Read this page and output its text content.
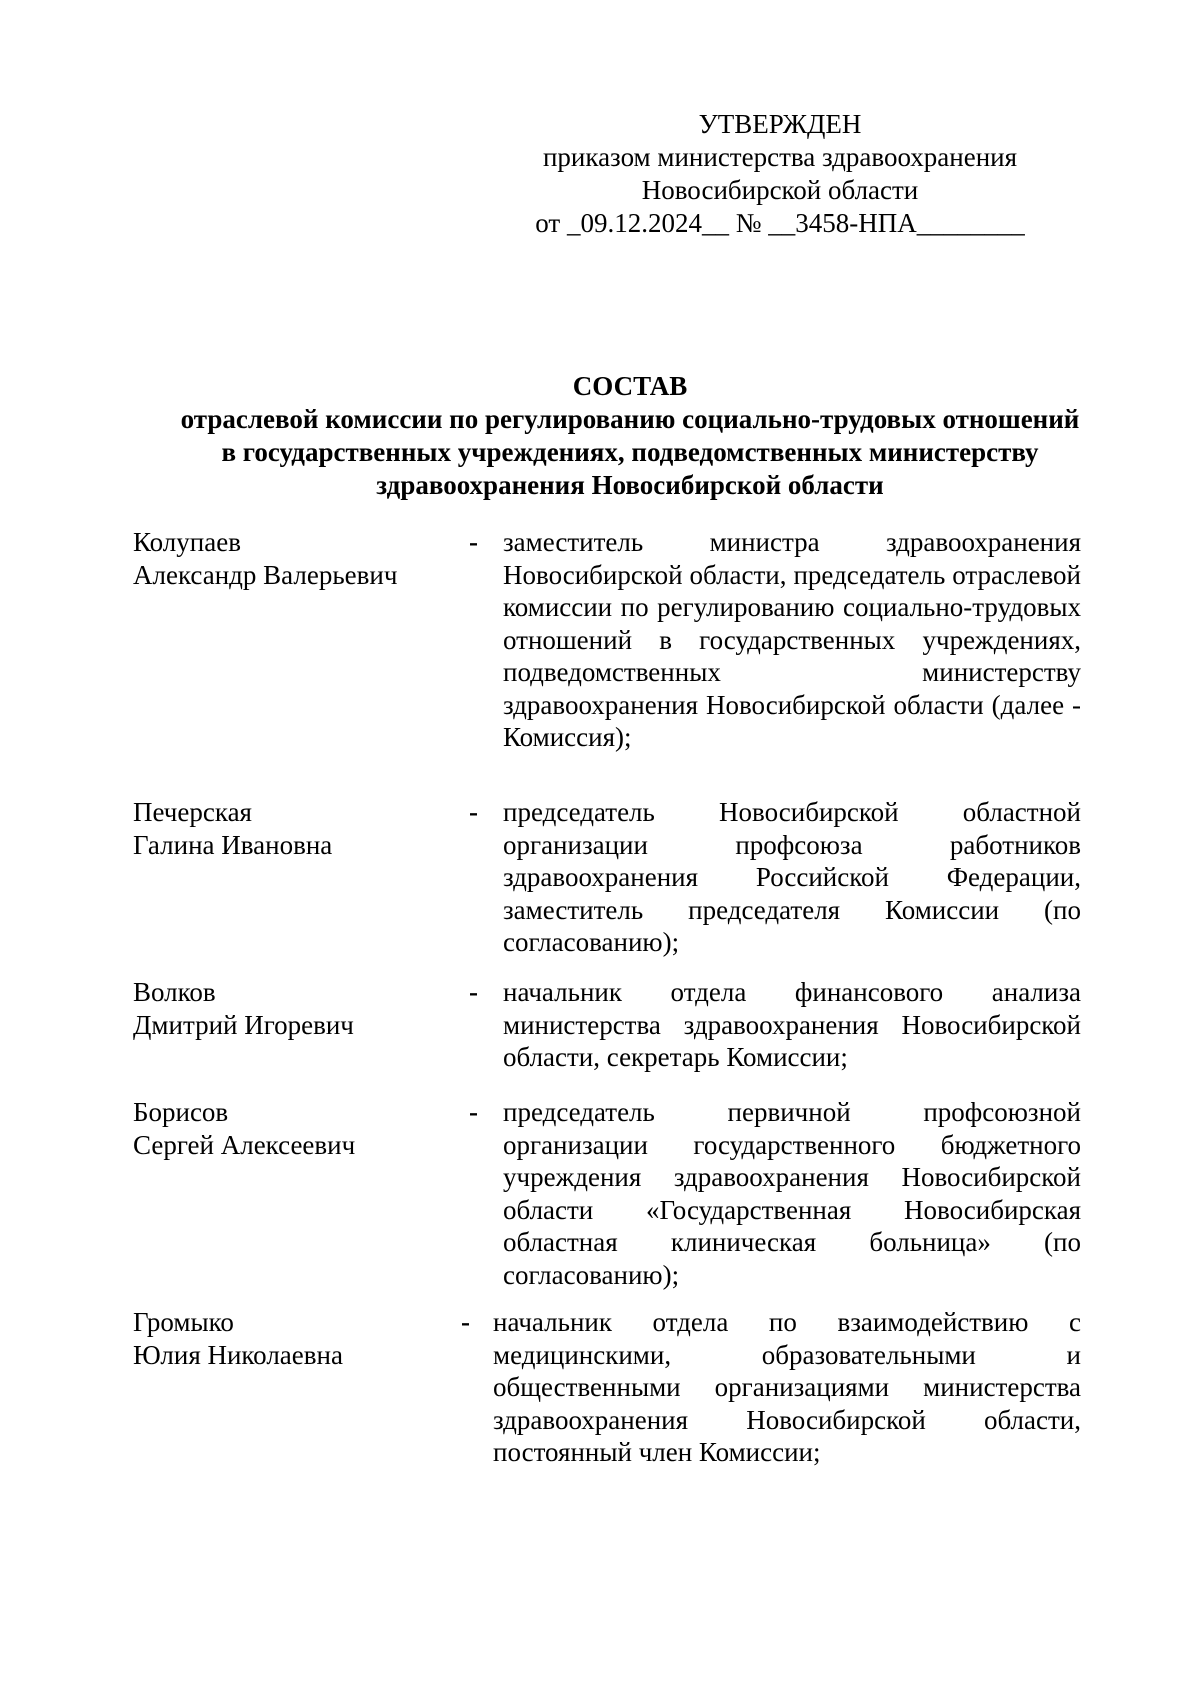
УТВЕРЖДЕН
приказом министерства здравоохранения
Новосибирской области
от _09.12.2024__ № __3458-НПА________
СОСТАВ
отраслевой комиссии по регулированию социально-трудовых отношений
в государственных учреждениях, подведомственных министерству
здравоохранения Новосибирской области
Колупаев
Александр Валерьевич
- заместитель министра здравоохранения Новосибирской области, председатель отраслевой комиссии по регулированию социально-трудовых отношений в государственных учреждениях, подведомственных министерству здравоохранения Новосибирской области (далее - Комиссия);
Печерская
Галина Ивановна
- председатель Новосибирской областной организации профсоюза работников здравоохранения Российской Федерации, заместитель председателя Комиссии (по согласованию);
Волков
Дмитрий Игоревич
- начальник отдела финансового анализа министерства здравоохранения Новосибирской области, секретарь Комиссии;
Борисов
Сергей Алексеевич
- председатель первичной профсоюзной организации государственного бюджетного учреждения здравоохранения Новосибирской области «Государственная Новосибирская областная клиническая больница» (по согласованию);
Громыко
Юлия Николаевна
- начальник отдела по взаимодействию с медицинскими, образовательными и общественными организациями министерства здравоохранения Новосибирской области, постоянный член Комиссии;
